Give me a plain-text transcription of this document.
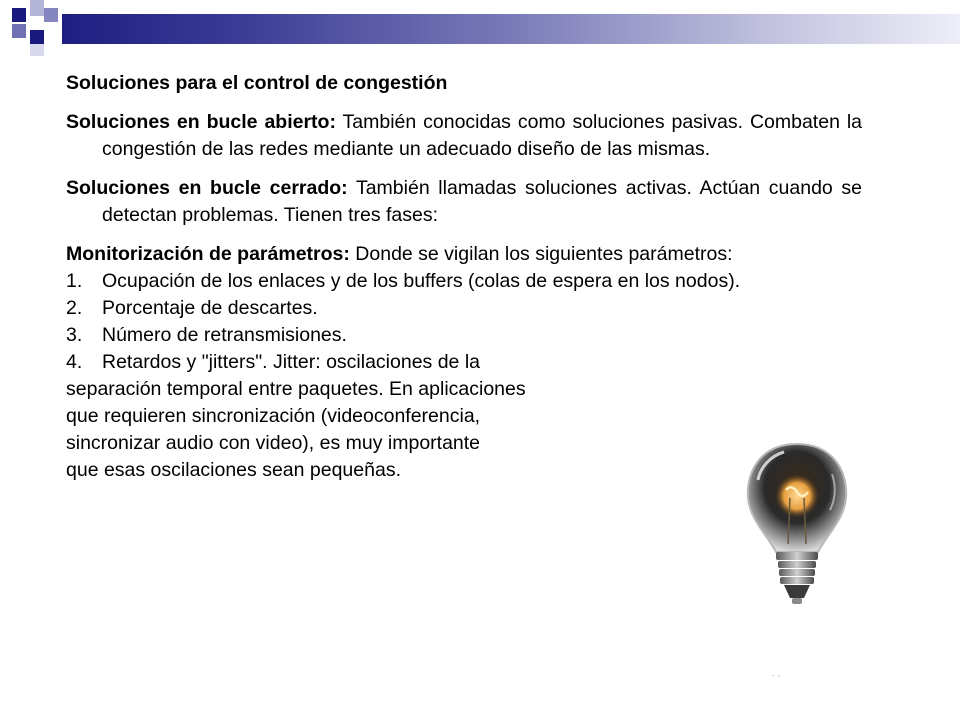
Soluciones para el control de congestión

Soluciones en bucle abierto: También conocidas como soluciones pasivas. Combaten la congestión de las redes mediante un adecuado diseño de las mismas.

Soluciones en bucle cerrado: También llamadas soluciones activas. Actúan cuando se detectan problemas. Tienen tres fases:

Monitorización de parámetros: Donde se vigilan los siguientes parámetros:

1. Ocupación de los enlaces y de los buffers (colas de espera en los nodos).
2. Porcentaje de descartes.
3. Número de retransmisiones.
4. Retardos y "jitters". Jitter: oscilaciones de la

separación temporal entre paquetes. En aplicaciones

que requieren sincronización (videoconferencia,

sincronizar audio con video), es muy importante

que esas oscilaciones sean pequeñas.

. ,
